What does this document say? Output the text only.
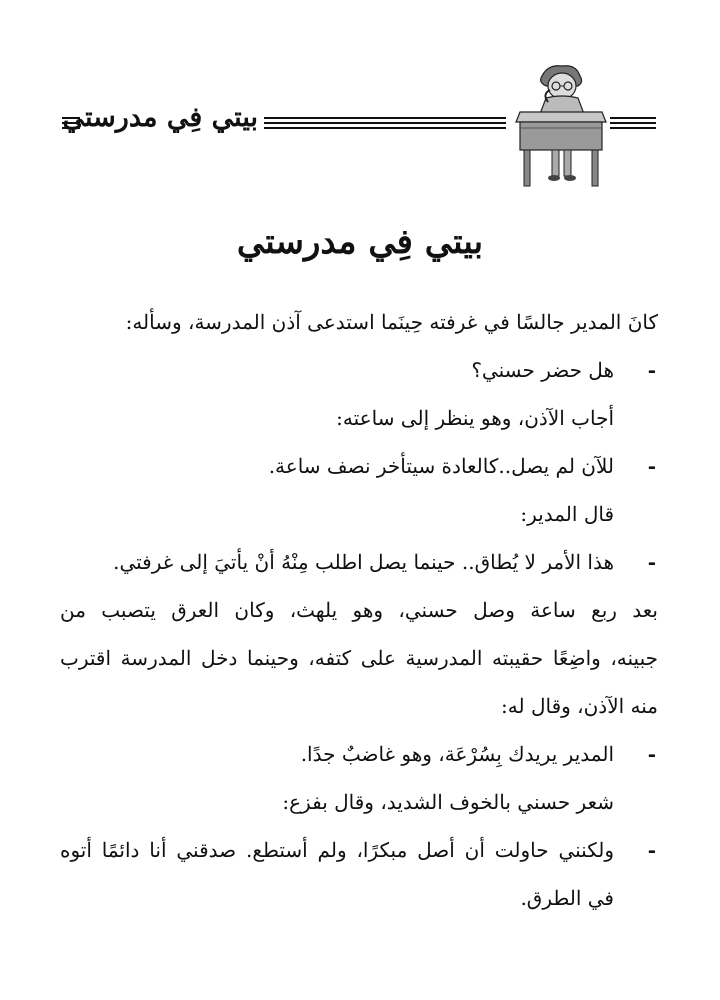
بيتي فِي مدرستي
بيتي فِي مدرستي
كانَ المدير جالسًا في غرفته حِينَما استدعى آذن المدرسة، وسأله:
-
هل حضر حسني؟
أجاب الآذن، وهو ينظر إلى ساعته:
-
للآن لم يصل..كالعادة سيتأخر نصف ساعة.
قال المدير:
-
هذا الأمر لا يُطاق.. حينما يصل اطلب مِنْهُ أنْ يأتيَ إلى غرفتي.
بعد ربع ساعة وصل حسني، وهو يلهث، وكان العرق يتصبب من
جبينه، واضِعًا حقيبته المدرسية على كتفه، وحينما دخل المدرسة اقترب
منه الآذن، وقال له:
-
المدير يريدك بِسُرْعَة، وهو غاضبٌ جدًا.
شعر حسني بالخوف الشديد، وقال بفزع:
-
ولكنني حاولت أن أصل مبكرًا، ولم أستطع. صدقني أنا دائمًا أتوه
في الطرق.
